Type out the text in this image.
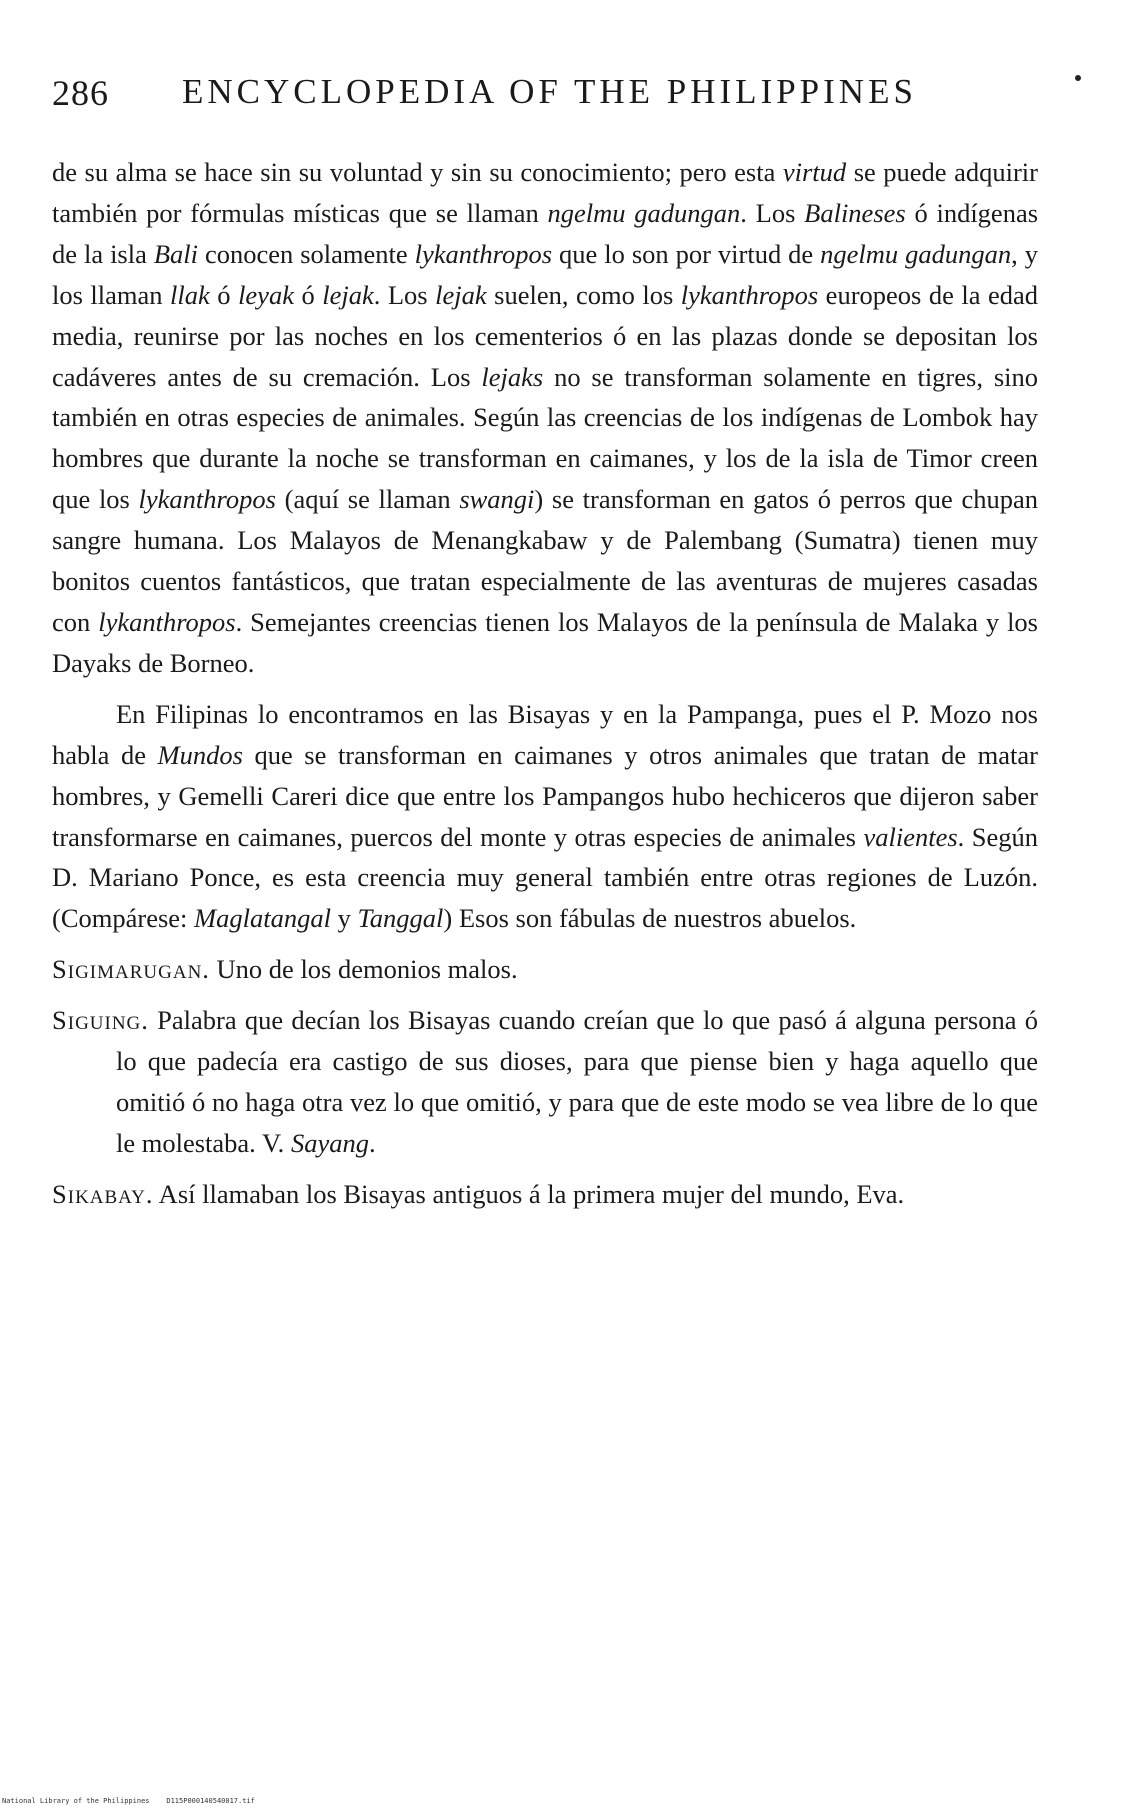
286 ENCYCLOPEDIA OF THE PHILIPPINES

de su alma se hace sin su voluntad y sin su conocimiento; pero esta virtud se puede adquirir también por fórmulas místicas que se llaman ngelmu gadungan. Los Balineses ó indígenas de la isla Bali conocen solamente lykanthropos que lo son por virtud de ngelmu gadungan, y los llaman llak ó leyak ó lejak. Los lejak suelen, como los lykanthropos europeos de la edad media, reunirse por las noches en los cementerios ó en las plazas donde se depositan los cadáveres antes de su cremación. Los lejaks no se transforman solamente en tigres, sino también en otras especies de animales. Según las creencias de los indígenas de Lombok hay hombres que durante la noche se transforman en caimanes, y los de la isla de Timor creen que los lykanthropos (aquí se llaman swangi) se transforman en gatos ó perros que chupan sangre humana. Los Malayos de Menangkabaw y de Palembang (Sumatra) tienen muy bonitos cuentos fantásticos, que tratan especialmente de las aventuras de mujeres casadas con lykanthropos. Semejantes creencias tienen los Malayos de la península de Malaka y los Dayaks de Borneo.

En Filipinas lo encontramos en las Bisayas y en la Pampanga, pues el P. Mozo nos habla de Mundos que se transforman en caimanes y otros animales que tratan de matar hombres, y Gemelli Careri dice que entre los Pampangos hubo hechiceros que dijeron saber transformarse en caimanes, puercos del monte y otras especies de animales valientes. Según D. Mariano Ponce, es esta creencia muy general también entre otras regiones de Luzón. (Compárese: Maglatangal y Tanggal) Esos son fábulas de nuestros abuelos.

Sigimarugan. Uno de los demonios malos.

Siguing. Palabra que decían los Bisayas cuando creían que lo que pasó á alguna persona ó lo que padecía era castigo de sus dioses, para que piense bien y haga aquello que omitió ó no haga otra vez lo que omitió, y para que de este modo se vea libre de lo que le molestaba. V. Sayang.

Sikabay. Así llamaban los Bisayas antiguos á la primera mujer del mundo, Eva.

National Library of the Philippines D115P000140540017.tif
